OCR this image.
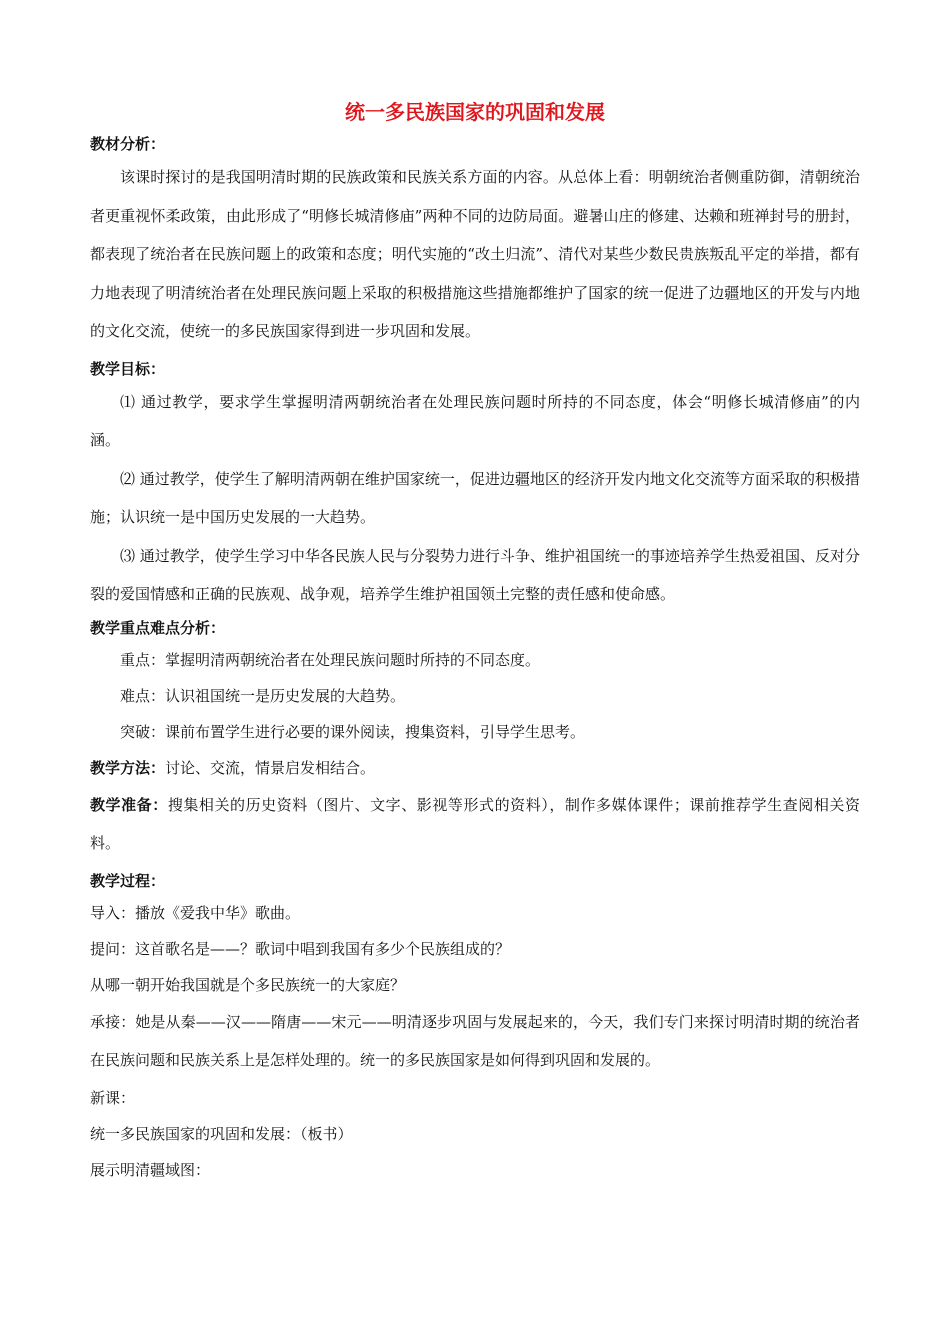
统一多民族国家的巩固和发展

教材分析：

该课时探讨的是我国明清时期的民族政策和民族关系方面的内容。从总体上看：明朝统治者侧重防御，清朝统治者更重视怀柔政策，由此形成了“明修长城清修庙”两种不同的边防局面。避暑山庄的修建、达赖和班禅封号的册封，都表现了统治者在民族问题上的政策和态度；明代实施的“改土归流”、清代对某些少数民贵族叛乱平定的举措，都有力地表现了明清统治者在处理民族问题上采取的积极措施这些措施都维护了国家的统一促进了边疆地区的开发与内地的文化交流，使统一的多民族国家得到进一步巩固和发展。

教学目标：

⑴ 通过教学，要求学生掌握明清两朝统治者在处理民族问题时所持的不同态度，体会“明修长城清修庙”的内涵。

⑵ 通过教学，使学生了解明清两朝在维护国家统一，促进边疆地区的经济开发内地文化交流等方面采取的积极措施；认识统一是中国历史发展的一大趋势。

⑶ 通过教学，使学生学习中华各民族人民与分裂势力进行斗争、维护祖国统一的事迹培养学生热爱祖国、反对分裂的爱国情感和正确的民族观、战争观，培养学生维护祖国领土完整的责任感和使命感。

教学重点难点分析：

重点：掌握明清两朝统治者在处理民族问题时所持的不同态度。

难点：认识祖国统一是历史发展的大趋势。

突破：课前布置学生进行必要的课外阅读，搜集资料，引导学生思考。

教学方法：讨论、交流，情景启发相结合。

教学准备：搜集相关的历史资料（图片、文字、影视等形式的资料），制作多媒体课件；课前推荐学生查阅相关资料。

教学过程：

导入：播放《爱我中华》歌曲。

提问：这首歌名是——？歌词中唱到我国有多少个民族组成的？

从哪一朝开始我国就是个多民族统一的大家庭？

承接：她是从秦——汉——隋唐——宋元——明清逐步巩固与发展起来的，今天，我们专门来探讨明清时期的统治者在民族问题和民族关系上是怎样处理的。统一的多民族国家是如何得到巩固和发展的。

新课：

统一多民族国家的巩固和发展：（板书）

展示明清疆域图：
